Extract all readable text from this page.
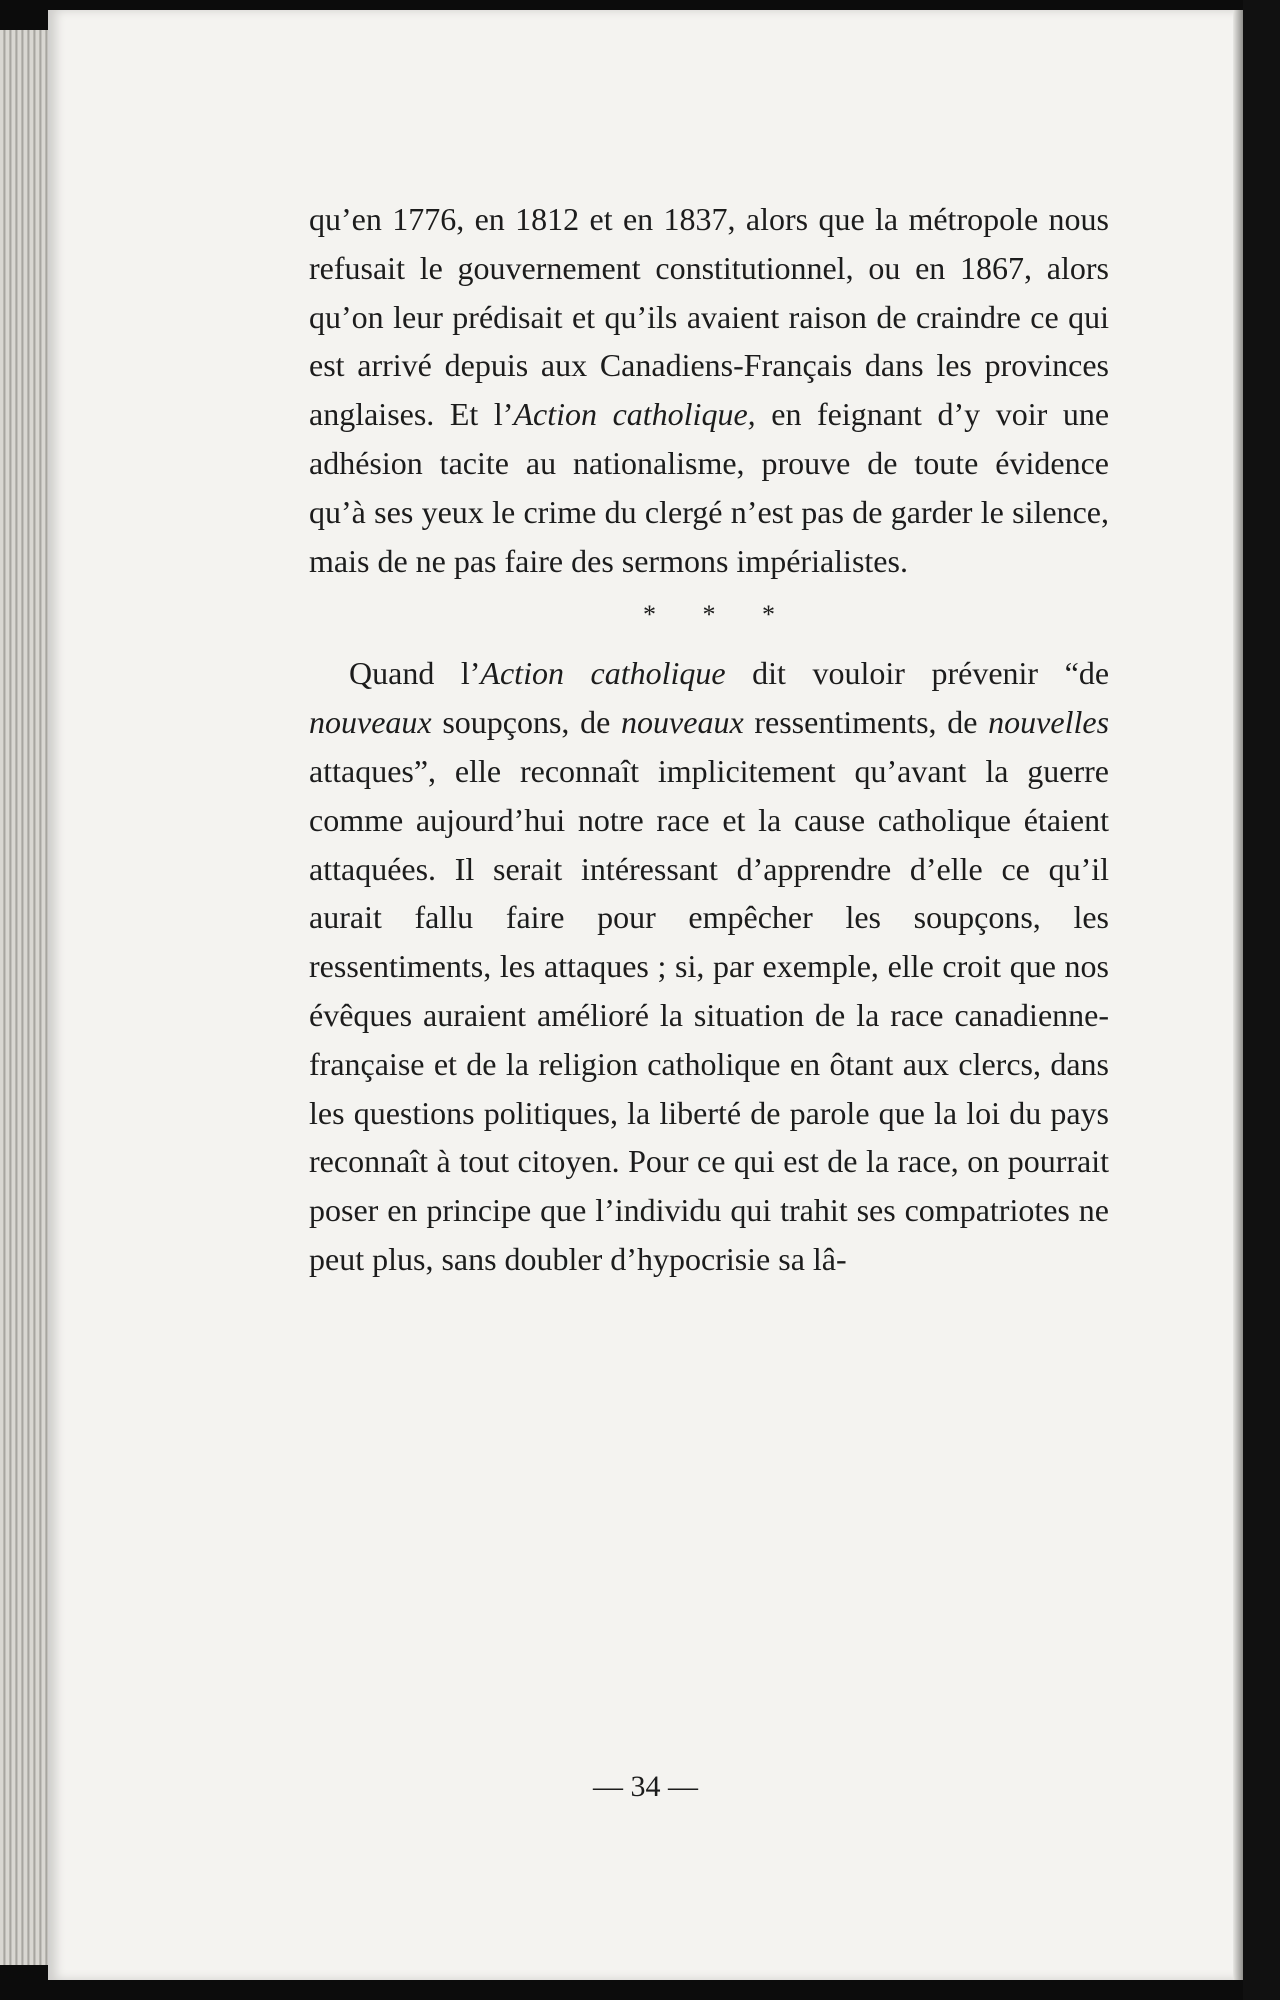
qu’en 1776, en 1812 et en 1837, alors que la métropole nous refusait le gouvernement constitutionnel, ou en 1867, alors qu’on leur prédisait et qu’ils avaient raison de craindre ce qui est arrivé depuis aux Canadiens-Français dans les provinces anglaises. Et l’Action catholique, en feignant d’y voir une adhésion tacite au nationalisme, prouve de toute évidence qu’à ses yeux le crime du clergé n’est pas de garder le silence, mais de ne pas faire des sermons impérialistes.

* * *

Quand l’Action catholique dit vouloir prévenir “de nouveaux soupçons, de nouveaux ressentiments, de nouvelles attaques”, elle reconnaît implicitement qu’avant la guerre comme aujourd’hui notre race et la cause catholique étaient attaquées. Il serait intéressant d’apprendre d’elle ce qu’il aurait fallu faire pour empêcher les soupçons, les ressentiments, les attaques ; si, par exemple, elle croit que nos évêques auraient amélioré la situation de la race canadienne-française et de la religion catholique en ôtant aux clercs, dans les questions politiques, la liberté de parole que la loi du pays reconnaît à tout citoyen. Pour ce qui est de la race, on pourrait poser en principe que l’individu qui trahit ses compatriotes ne peut plus, sans doubler d’hypocrisie sa lâ-

— 34 —
